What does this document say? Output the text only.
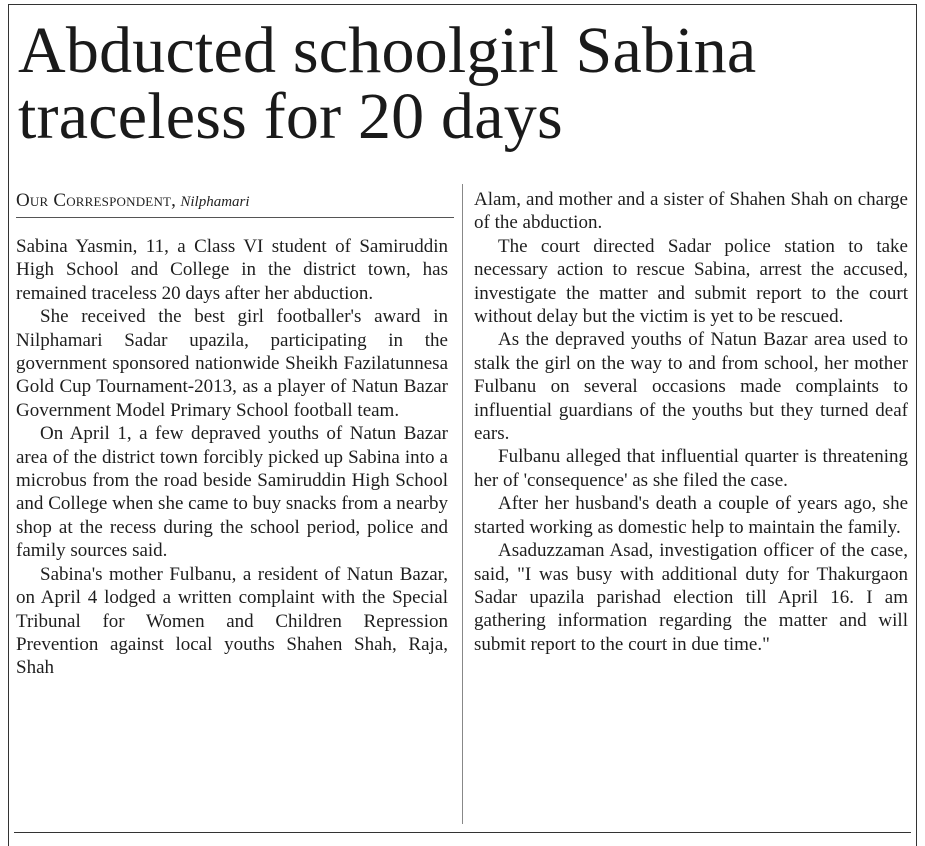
Abducted schoolgirl Sabina traceless for 20 days

Our Correspondent, Nilphamari

Sabina Yasmin, 11, a Class VI student of Samiruddin High School and College in the district town, has remained traceless 20 days after her abduction.

She received the best girl footballer's award in Nilphamari Sadar upazila, participating in the government sponsored nationwide Sheikh Fazilatunnesa Gold Cup Tournament-2013, as a player of Natun Bazar Government Model Primary School football team.

On April 1, a few depraved youths of Natun Bazar area of the district town forcibly picked up Sabina into a microbus from the road beside Samiruddin High School and College when she came to buy snacks from a nearby shop at the recess during the school period, police and family sources said.

Sabina's mother Fulbanu, a resident of Natun Bazar, on April 4 lodged a written complaint with the Special Tribunal for Women and Children Repression Prevention against local youths Shahen Shah, Raja, Shah

Alam, and mother and a sister of Shahen Shah on charge of the abduction.

The court directed Sadar police station to take necessary action to rescue Sabina, arrest the accused, investigate the matter and submit report to the court without delay but the victim is yet to be rescued.

As the depraved youths of Natun Bazar area used to stalk the girl on the way to and from school, her mother Fulbanu on several occasions made complaints to influential guardians of the youths but they turned deaf ears.

Fulbanu alleged that influential quarter is threatening her of 'consequence' as she filed the case.

After her husband's death a couple of years ago, she started working as domestic help to maintain the family.

Asaduzzaman Asad, investigation officer of the case, said, "I was busy with additional duty for Thakurgaon Sadar upazila parishad election till April 16. I am gathering information regarding the matter and will submit report to the court in due time."
